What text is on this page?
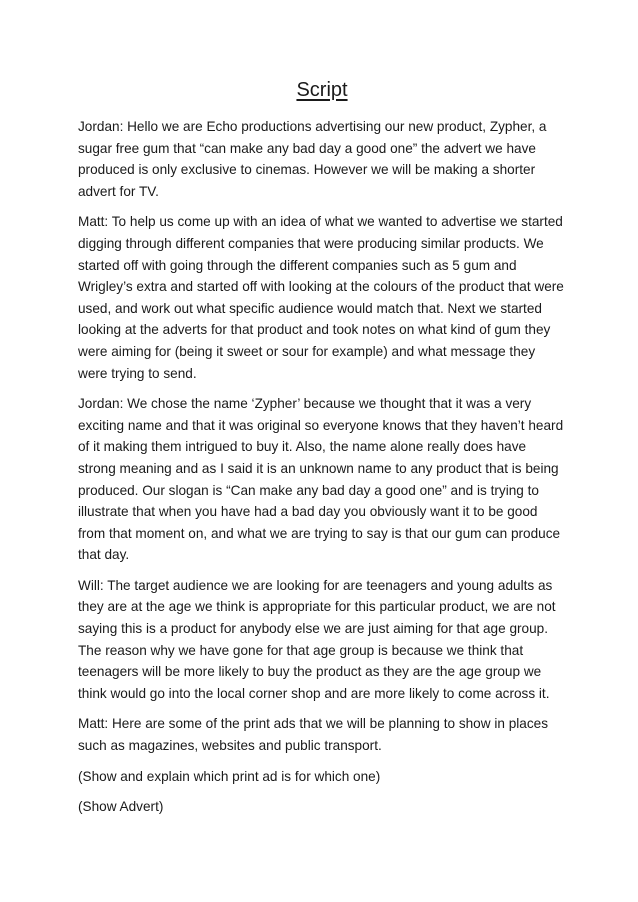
Script

Jordan: Hello we are Echo productions advertising our new product, Zypher, a sugar free gum that “can make any bad day a good one” the advert we have produced is only exclusive to cinemas. However we will be making a shorter advert for TV.

Matt: To help us come up with an idea of what we wanted to advertise we started digging through different companies that were producing similar products. We started off with going through the different companies such as 5 gum and Wrigley’s extra and started off with looking at the colours of the product that were used, and work out what specific audience would match that. Next we started looking at the adverts for that product and took notes on what kind of gum they were aiming for (being it sweet or sour for example) and what message they were trying to send.

Jordan: We chose the name ‘Zypher’ because we thought that it was a very exciting name and that it was original so everyone knows that they haven’t heard of it making them intrigued to buy it. Also, the name alone really does have strong meaning and as I said it is an unknown name to any product that is being produced. Our slogan is “Can make any bad day a good one” and is trying to illustrate that when you have had a bad day you obviously want it to be good from that moment on, and what we are trying to say is that our gum can produce that day.

Will: The target audience we are looking for are teenagers and young adults as they are at the age we think is appropriate for this particular product, we are not saying this is a product for anybody else we are just aiming for that age group. The reason why we have gone for that age group is because we think that teenagers will be more likely to buy the product as they are the age group we think would go into the local corner shop and are more likely to come across it.

Matt: Here are some of the print ads that we will be planning to show in places such as magazines, websites and public transport.

(Show and explain which print ad is for which one)

(Show Advert)
